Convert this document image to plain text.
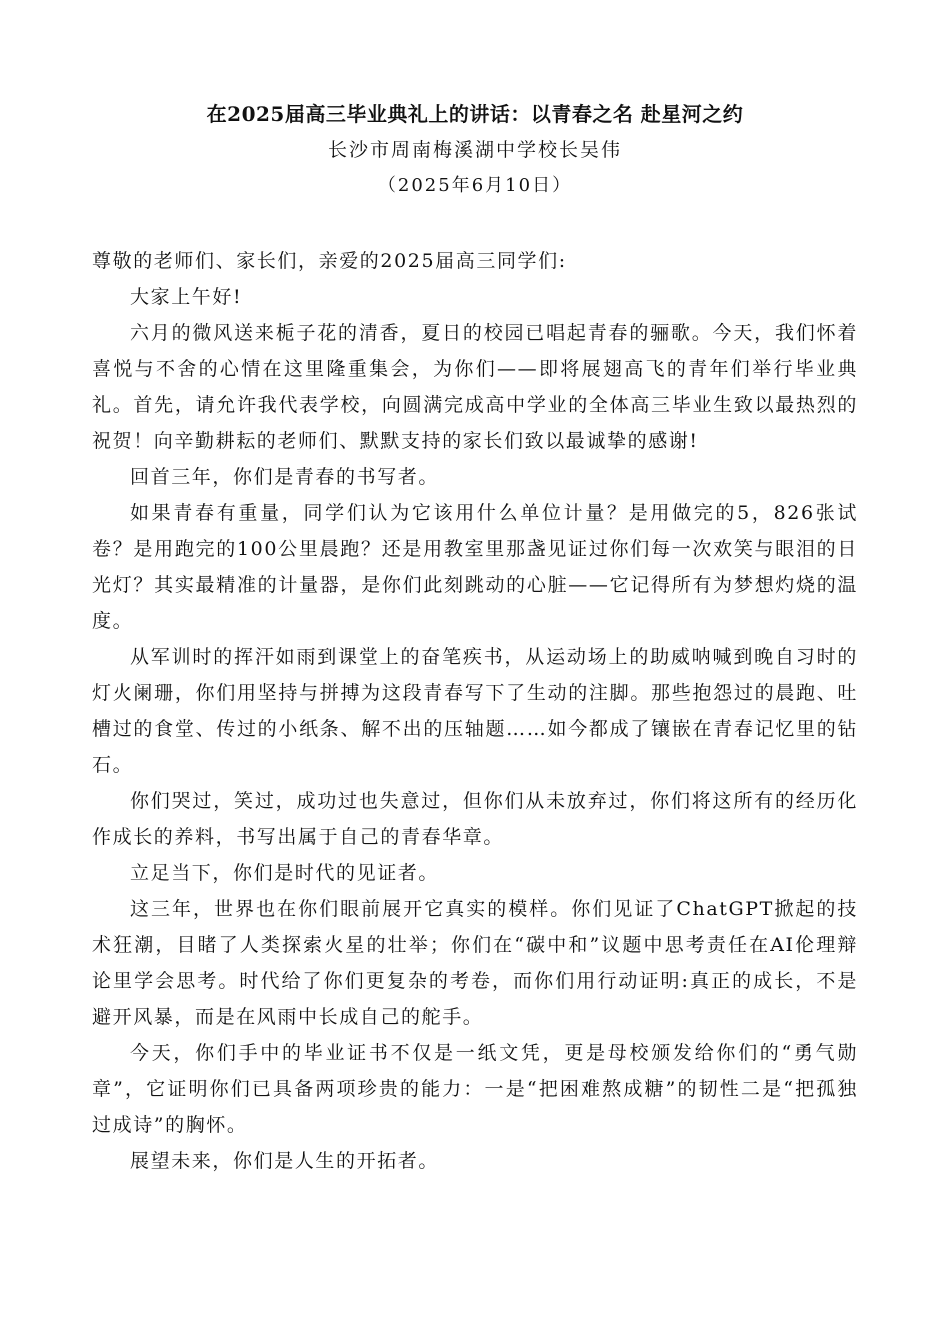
在2025届高三毕业典礼上的讲话：以青春之名 赴星河之约

长沙市周南梅溪湖中学校长吴伟

（2025年6月10日）

尊敬的老师们、家长们，亲爱的2025届高三同学们:

大家上午好!

六月的微风送来栀子花的清香，夏日的校园已唱起青春的骊歌。今天，我们怀着喜悦与不舍的心情在这里隆重集会，为你们——即将展翅高飞的青年们举行毕业典礼。首先，请允许我代表学校，向圆满完成高中学业的全体高三毕业生致以最热烈的祝贺！向辛勤耕耘的老师们、默默支持的家长们致以最诚挚的感谢!

回首三年，你们是青春的书写者。

如果青春有重量，同学们认为它该用什么单位计量？是用做完的5，826张试卷？是用跑完的100公里晨跑？还是用教室里那盏见证过你们每一次欢笑与眼泪的日光灯？其实最精准的计量器，是你们此刻跳动的心脏——它记得所有为梦想灼烧的温度。

从军训时的挥汗如雨到课堂上的奋笔疾书，从运动场上的助威呐喊到晚自习时的灯火阑珊，你们用坚持与拼搏为这段青春写下了生动的注脚。那些抱怨过的晨跑、吐槽过的食堂、传过的小纸条、解不出的压轴题……如今都成了镶嵌在青春记忆里的钻石。

你们哭过，笑过，成功过也失意过，但你们从未放弃过，你们将这所有的经历化作成长的养料，书写出属于自己的青春华章。

立足当下，你们是时代的见证者。

这三年，世界也在你们眼前展开它真实的模样。你们见证了ChatGPT掀起的技术狂潮，目睹了人类探索火星的壮举；你们在“碳中和”议题中思考责任在AI伦理辩论里学会思考。时代给了你们更复杂的考卷，而你们用行动证明:真正的成长，不是避开风暴，而是在风雨中长成自己的舵手。

今天，你们手中的毕业证书不仅是一纸文凭，更是母校颁发给你们的“勇气勋章”，它证明你们已具备两项珍贵的能力：一是“把困难熬成糖”的韧性二是“把孤独过成诗”的胸怀。

展望未来，你们是人生的开拓者。
